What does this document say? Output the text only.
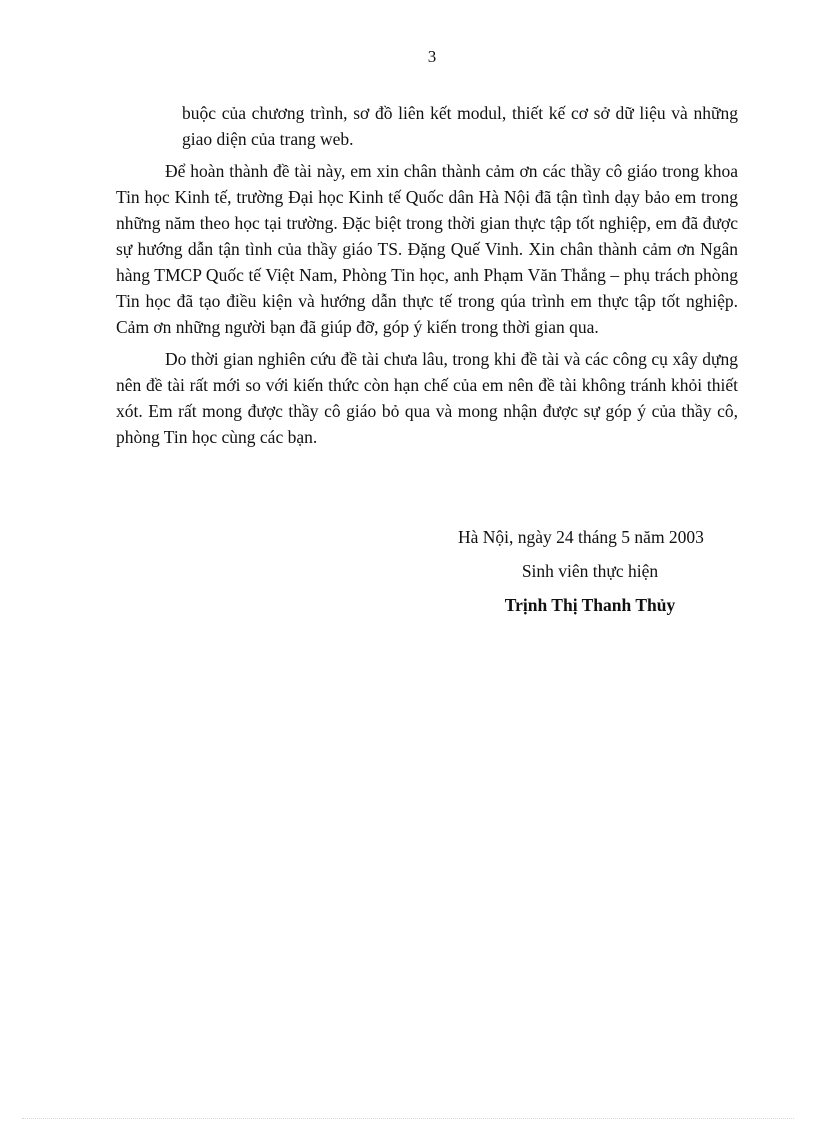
3

buộc của chương trình, sơ đồ liên kết modul, thiết kế cơ sở dữ liệu và những giao diện của trang web.

Để hoàn thành đề tài này, em xin chân thành cảm ơn các thầy cô giáo trong khoa Tin học Kinh tế, trường Đại học Kinh tế Quốc dân Hà Nội đã tận tình dạy bảo em trong những năm theo học tại trường. Đặc biệt trong thời gian thực tập tốt nghiệp, em đã được sự hướng dẫn tận tình của thầy giáo TS. Đặng Quế Vinh. Xin chân thành cảm ơn Ngân hàng TMCP Quốc tế Việt Nam, Phòng Tin học, anh Phạm Văn Thắng – phụ trách phòng Tin học đã tạo điều kiện và hướng dẫn thực tế trong qúa trình em thực tập tốt nghiệp. Cảm ơn những người bạn đã giúp đỡ, góp ý kiến trong thời gian qua.

Do thời gian nghiên cứu đề tài chưa lâu, trong khi đề tài và các công cụ xây dựng nên đề tài rất mới so với kiến thức còn hạn chế của em nên đề tài không tránh khỏi thiết xót. Em rất mong được thầy cô giáo bỏ qua và mong nhận được sự góp ý của thầy cô, phòng Tin học cùng các bạn.

Hà Nội, ngày 24 tháng 5 năm 2003
Sinh viên thực hiện
Trịnh Thị Thanh Thủy
